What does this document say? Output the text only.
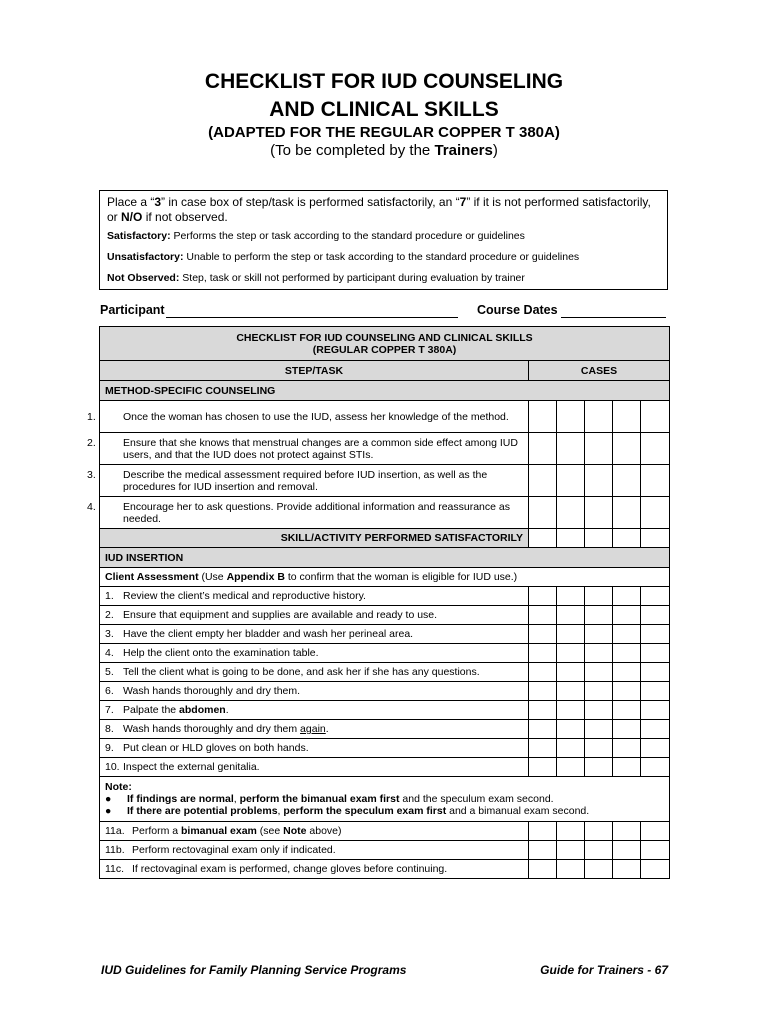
CHECKLIST FOR IUD COUNSELING
AND CLINICAL SKILLS
(ADAPTED FOR THE REGULAR COPPER T 380A)
(To be completed by the Trainers)

Place a “3” in case box of step/task is performed satisfactorily, an “7” if it is not performed satisfactorily, or N/O if not observed.

Satisfactory: Performs the step or task according to the standard procedure or guidelines

Unsatisfactory: Unable to perform the step or task according to the standard procedure or guidelines

Not Observed: Step, task or skill not performed by participant during evaluation by trainer

Participant	Course Dates
CHECKLIST FOR IUD COUNSELING AND CLINICAL SKILLS
(REGULAR COPPER T 380A)					

STEP/TASK	CASES				
METHOD-SPECIFIC COUNSELING					

1. Once the woman has chosen to use the IUD, assess her knowledge of the method.					

2. Ensure that she knows that menstrual changes are a common side effect among IUD users, and that the IUD does not protect against STIs.					

3. Describe the medical assessment required before IUD insertion, as well as the procedures for IUD insertion and removal.					

4. Encourage her to ask questions. Provide additional information and reassurance as needed.					

SKILL/ACTIVITY PERFORMED SATISFACTORILY					
IUD INSERTION					
Client Assessment (Use Appendix B to confirm that the woman is eligible for IUD use.)					
1. Review the client’s medical and reproductive history.					
2. Ensure that equipment and supplies are available and ready to use.					
3. Have the client empty her bladder and wash her perineal area.					
4. Help the client onto the examination table.					
5. Tell the client what is going to be done, and ask her if she has any questions.					
6. Wash hands thoroughly and dry them.					
7. Palpate the abdomen.					
8. Wash hands thoroughly and dry them again.					
9. Put clean or HLD gloves on both hands.					
10. Inspect the external genitalia.					

Note:
● If findings are normal, perform the bimanual exam first and the speculum exam second.
● If there are potential problems, perform the speculum exam first and a bimanual exam second.					

11a. Perform a bimanual exam (see Note above)					
11b. Perform rectovaginal exam only if indicated.					
11c. If rectovaginal exam is performed, change gloves before continuing.					
IUD Guidelines for Family Planning Service Programs	Guide for Trainers - 67
